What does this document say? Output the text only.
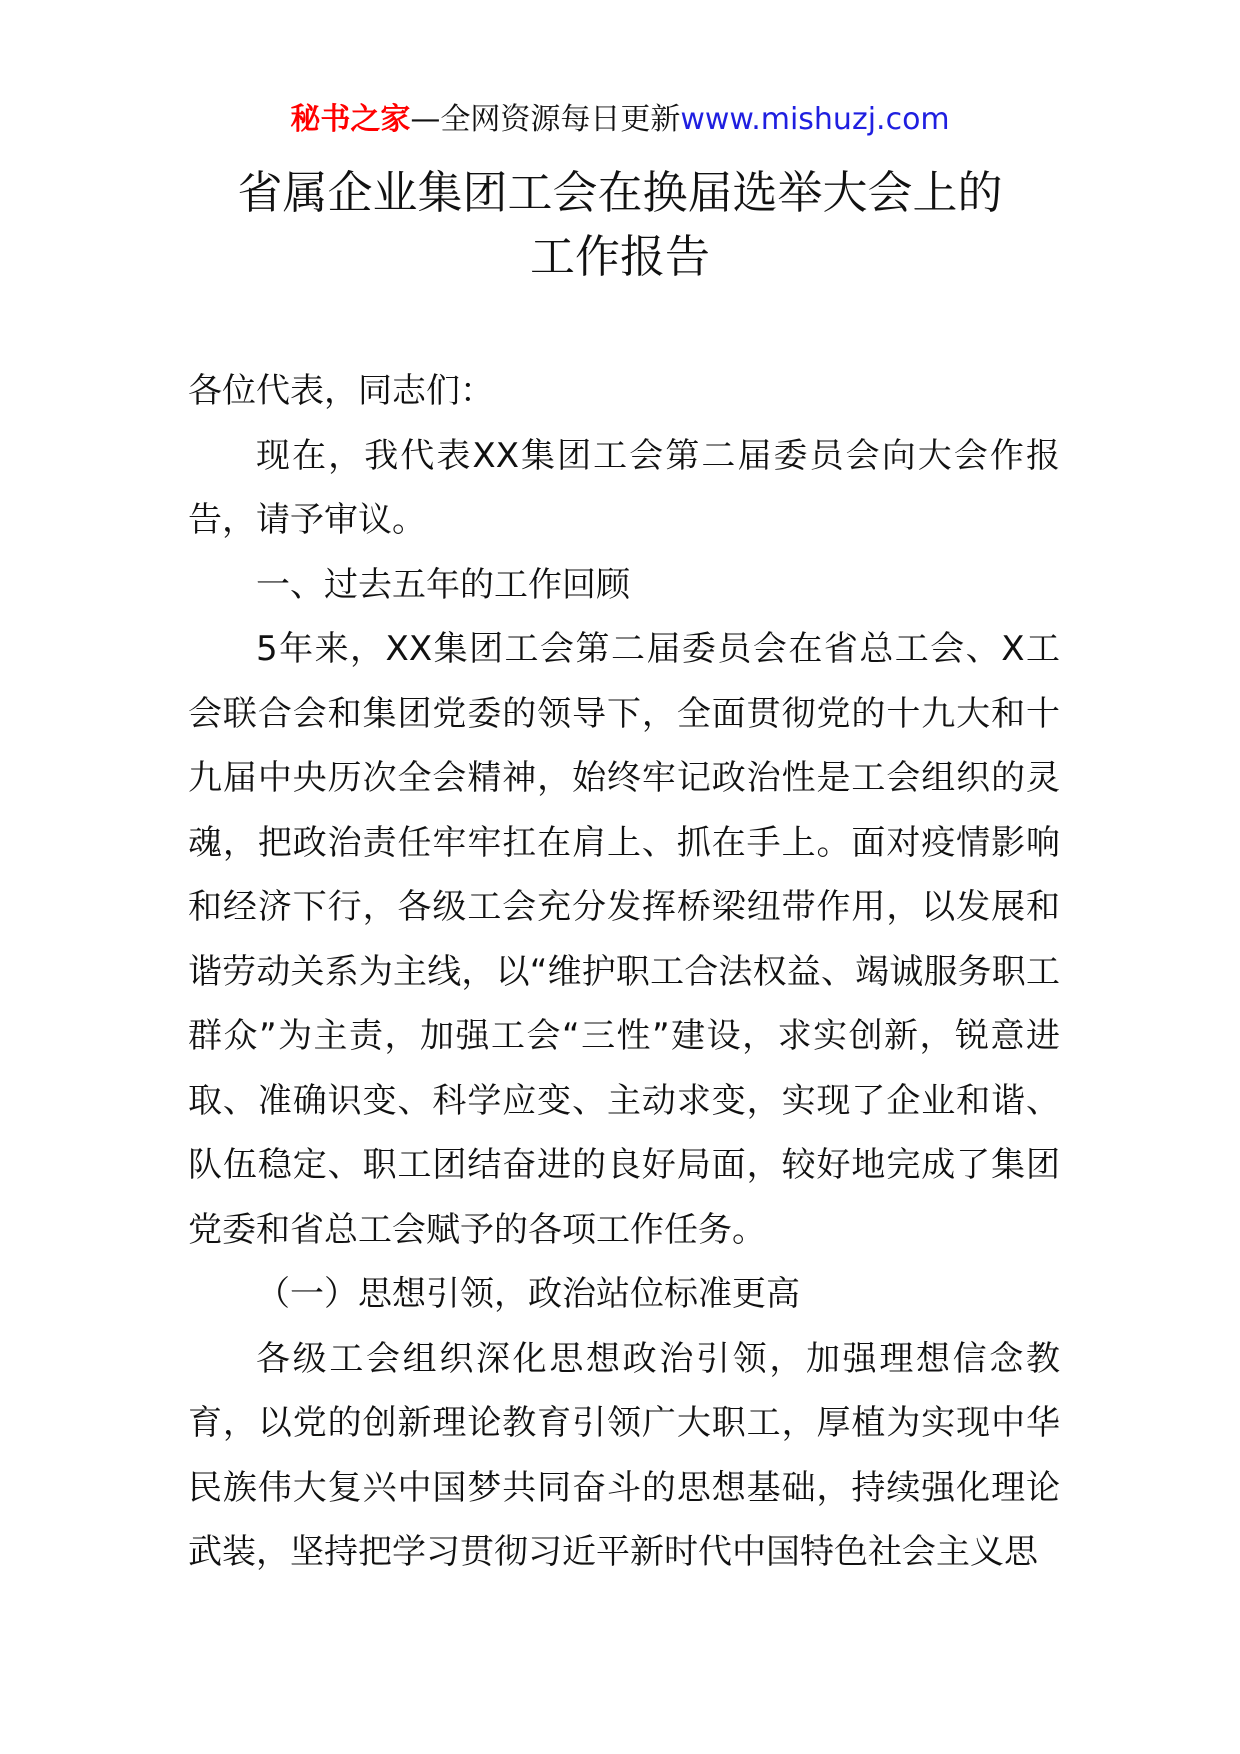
秘书之家—全网资源每日更新www.mishuzj.com
省属企业集团工会在换届选举大会上的
工作报告

各位代表，同志们：

现在，我代表XX集团工会第二届委员会向大会作报告，请予审议。

一、过去五年的工作回顾

5年来，XX集团工会第二届委员会在省总工会、X工会联合会和集团党委的领导下，全面贯彻党的十九大和十九届中央历次全会精神，始终牢记政治性是工会组织的灵魂，把政治责任牢牢扛在肩上、抓在手上。面对疫情影响和经济下行，各级工会充分发挥桥梁纽带作用，以发展和谐劳动关系为主线，以“维护职工合法权益、竭诚服务职工群众”为主责，加强工会“三性”建设，求实创新，锐意进取、准确识变、科学应变、主动求变，实现了企业和谐、队伍稳定、职工团结奋进的良好局面，较好地完成了集团党委和省总工会赋予的各项工作任务。

（一）思想引领，政治站位标准更高

各级工会组织深化思想政治引领，加强理想信念教育，以党的创新理论教育引领广大职工，厚植为实现中华民族伟大复兴中国梦共同奋斗的思想基础，持续强化理论武装，坚持把学习贯彻习近平新时代中国特色社会主义思
